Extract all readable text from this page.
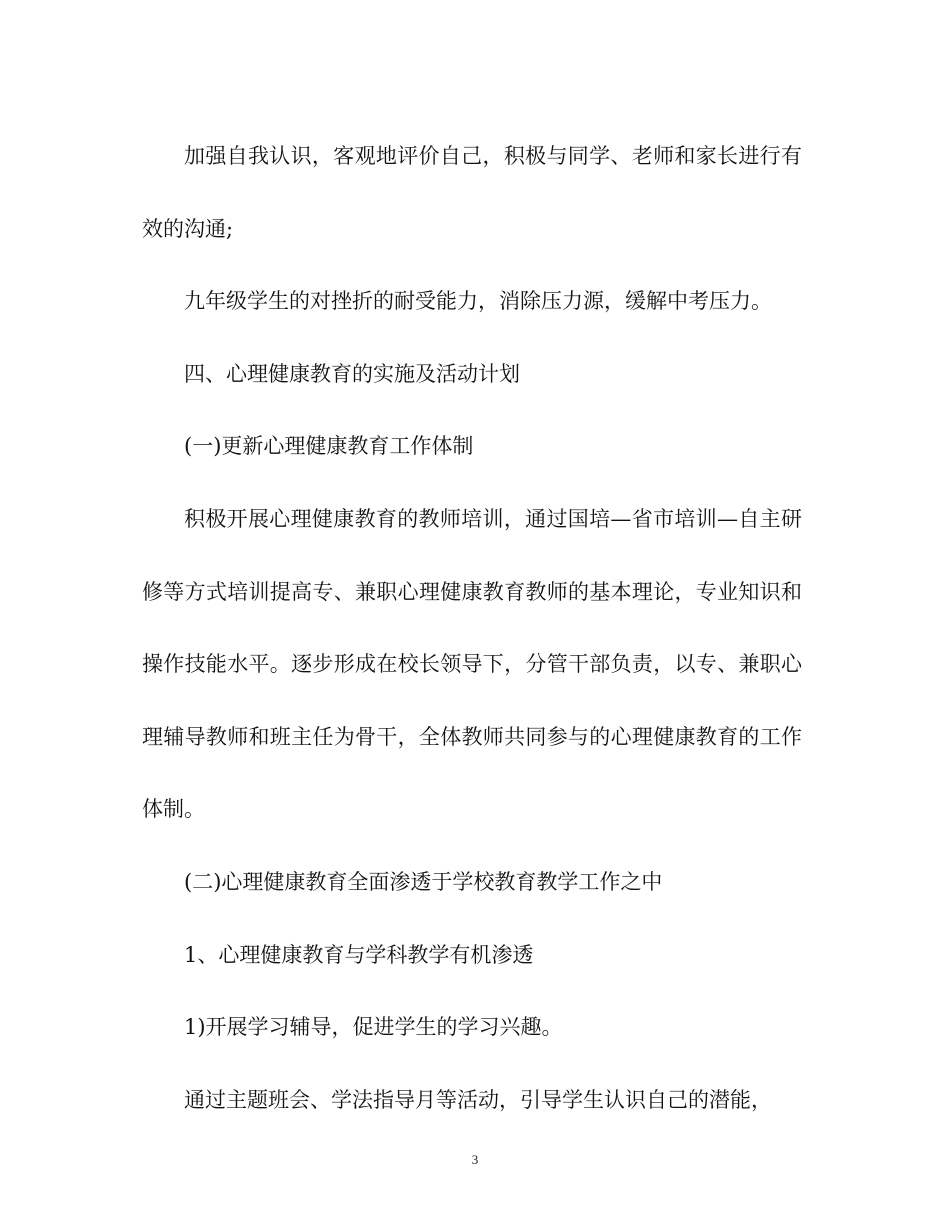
加强自我认识，客观地评价自己，积极与同学、老师和家长进行有效的沟通;

九年级学生的对挫折的耐受能力，消除压力源，缓解中考压力。

四、心理健康教育的实施及活动计划

(一)更新心理健康教育工作体制

积极开展心理健康教育的教师培训，通过国培—省市培训—自主研修等方式培训提高专、兼职心理健康教育教师的基本理论，专业知识和操作技能水平。逐步形成在校长领导下，分管干部负责，以专、兼职心理辅导教师和班主任为骨干，全体教师共同参与的心理健康教育的工作体制。

(二)心理健康教育全面渗透于学校教育教学工作之中

1、心理健康教育与学科教学有机渗透

1)开展学习辅导，促进学生的学习兴趣。

通过主题班会、学法指导月等活动，引导学生认识自己的潜能，

3
